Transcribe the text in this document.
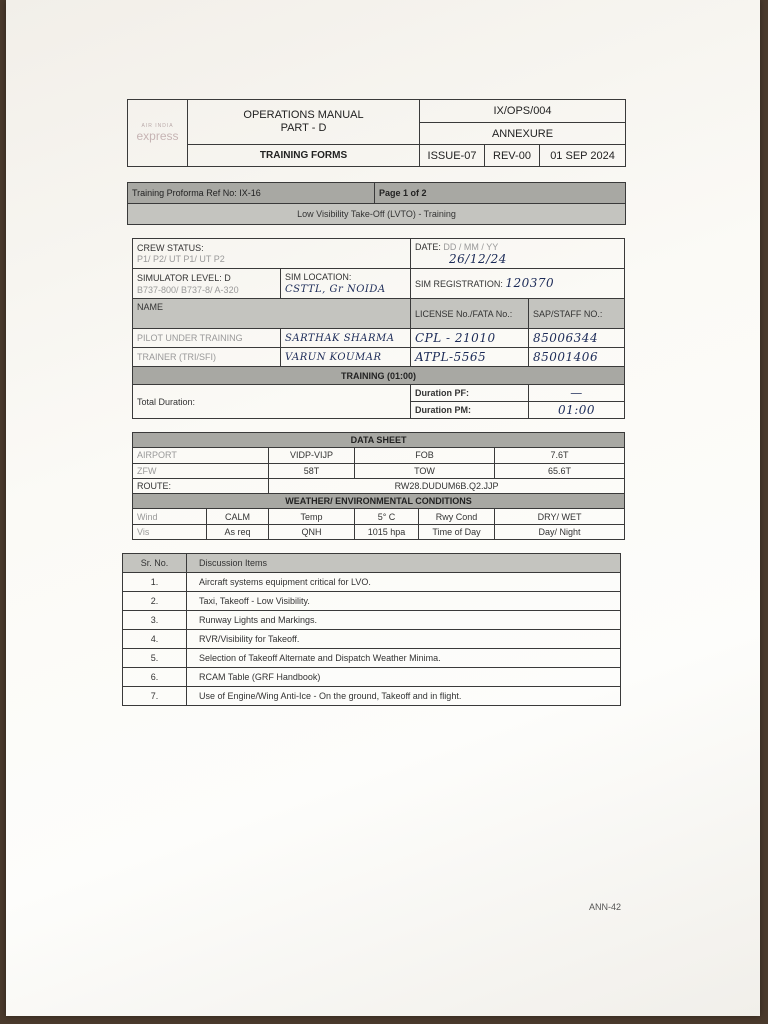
AIR INDIA
express	OPERATIONS MANUAL
PART - D	IX/OPS/004		
		ANNEXURE		
	TRAINING FORMS	ISSUE-07	REV-00	01 SEP 2024
Training Proforma Ref No: IX-16	Page 1 of 2
Low Visibility Take-Off (LVTO) - Training
CREW STATUS:
P1/ P2/ UT P1/ UT P2		DATE: DD / MM / YY
26/12/24	
SIMULATOR LEVEL: D
B737-800/ B737-8/ A-320	SIM LOCATION:
CSTTL, Gr NOIDA	SIM REGISTRATION: 120370	
NAME		LICENSE No./FATA No.:	SAP/STAFF NO.:
PILOT UNDER TRAINING	SARTHAK SHARMA	CPL - 21010	85006344
TRAINER (TRI/SFI)	VARUN KOUMAR	ATPL-5565	85001406
TRAINING (01:00)			
Total Duration:		Duration PF:	—
		Duration PM:	01:00
DATA SHEET					
AIRPORT		VIDP-VIJP	FOB		7.6T
ZFW		58T	TOW		65.6T
ROUTE:		RW28.DUDUM6B.Q2.JJP			
WEATHER/ ENVIRONMENTAL CONDITIONS					
Wind	CALM	Temp	5° C	Rwy Cond	DRY/ WET
Vis	As req	QNH	1015 hpa	Time of Day	Day/ Night
Sr. No.	Discussion Items
1.	Aircraft systems equipment critical for LVO.
2.	Taxi, Takeoff - Low Visibility.
3.	Runway Lights and Markings.
4.	RVR/Visibility for Takeoff.
5.	Selection of Takeoff Alternate and Dispatch Weather Minima.
6.	RCAM Table (GRF Handbook)
7.	Use of Engine/Wing Anti-Ice - On the ground, Takeoff and in flight.
ANN-42
